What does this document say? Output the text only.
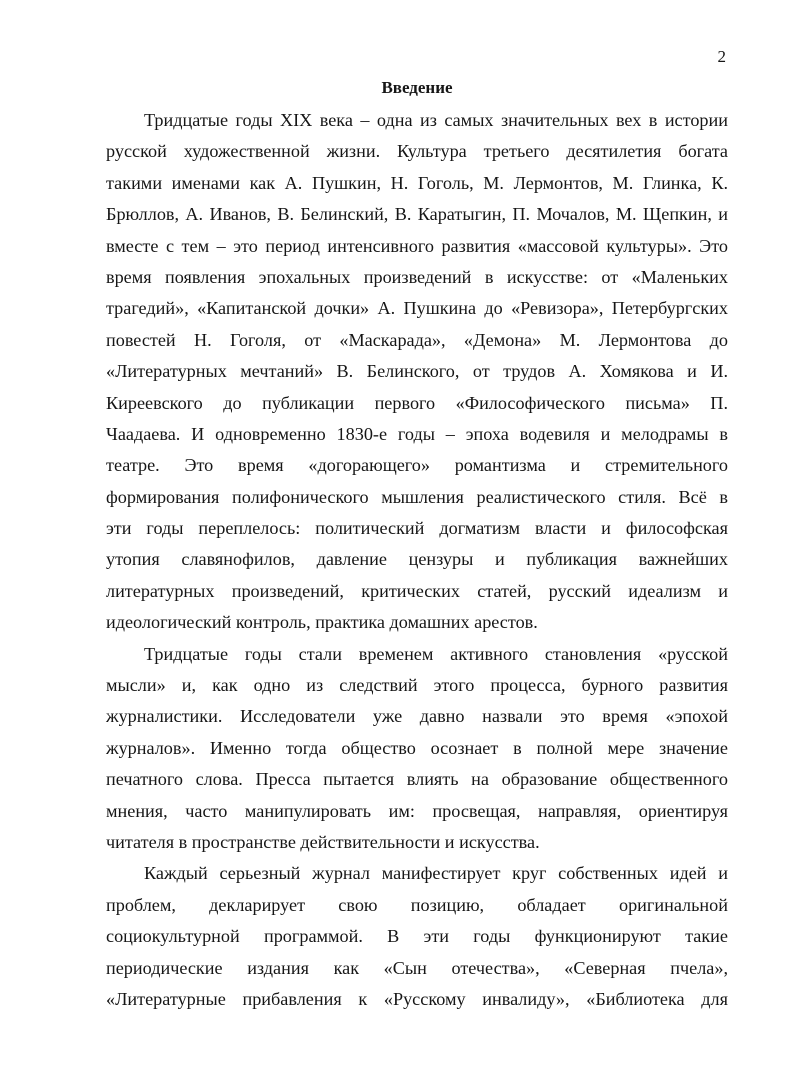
2
Введение
Тридцатые годы XIX века – одна из самых значительных вех в истории
русской художественной жизни. Культура третьего десятилетия богата
такими именами как А. Пушкин, Н. Гоголь, М. Лермонтов, М. Глинка, К.
Брюллов, А. Иванов, В. Белинский, В. Каратыгин, П. Мочалов, М. Щепкин, и
вместе с тем – это период интенсивного развития «массовой культуры». Это
время появления эпохальных произведений в искусстве: от «Маленьких
трагедий», «Капитанской дочки» А. Пушкина до «Ревизора», Петербургских
повестей Н. Гоголя, от «Маскарада», «Демона» М. Лермонтова до
«Литературных мечтаний» В. Белинского, от трудов А. Хомякова и И.
Киреевского до публикации первого «Философического письма» П.
Чаадаева. И одновременно 1830-е годы – эпоха водевиля и мелодрамы в
театре. Это время «догорающего» романтизма и стремительного
формирования полифонического мышления реалистического стиля. Всё в
эти годы переплелось: политический догматизм власти и философская
утопия славянофилов, давление цензуры и публикация важнейших
литературных произведений, критических статей, русский идеализм и
идеологический контроль, практика домашних арестов.
Тридцатые годы стали временем активного становления «русской
мысли» и, как одно из следствий этого процесса, бурного развития
журналистики. Исследователи уже давно назвали это время «эпохой
журналов». Именно тогда общество осознает в полной мере значение
печатного слова. Пресса пытается влиять на образование общественного
мнения, часто манипулировать им: просвещая, направляя, ориентируя
читателя в пространстве действительности и искусства.
Каждый серьезный журнал манифестирует круг собственных идей и
проблем, декларирует свою позицию, обладает оригинальной
социокультурной программой. В эти годы функционируют такие
периодические издания как «Сын отечества», «Северная пчела»,
«Литературные прибавления к «Русскому инвалиду», «Библиотека для
